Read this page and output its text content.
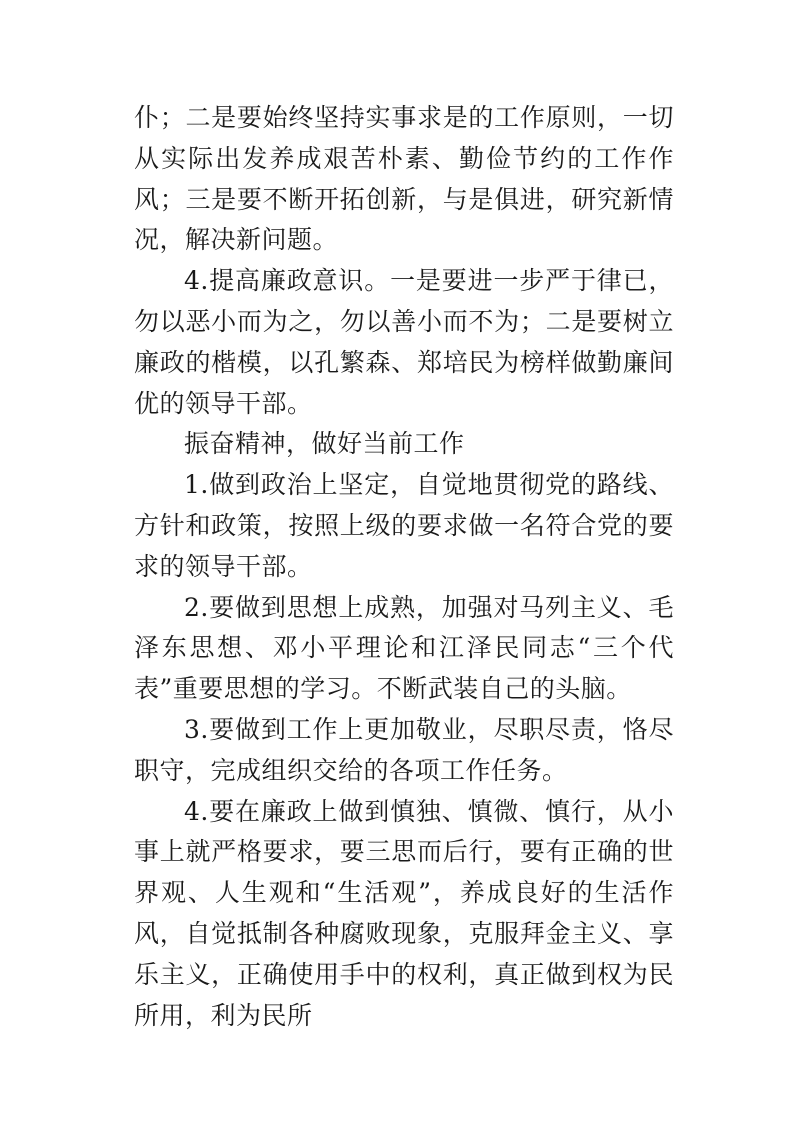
仆；二是要始终坚持实事求是的工作原则，一切从实际出发养成艰苦朴素、勤俭节约的工作作风；三是要不断开拓创新，与是俱进，研究新情况，解决新问题。

4.提高廉政意识。一是要进一步严于律已，勿以恶小而为之，勿以善小而不为；二是要树立廉政的楷模，以孔繁森、郑培民为榜样做勤廉间优的领导干部。

振奋精神，做好当前工作

1.做到政治上坚定，自觉地贯彻党的路线、方针和政策，按照上级的要求做一名符合党的要求的领导干部。

2.要做到思想上成熟，加强对马列主义、毛泽东思想、邓小平理论和江泽民同志“三个代表”重要思想的学习。不断武装自己的头脑。

3.要做到工作上更加敬业，尽职尽责，恪尽职守，完成组织交给的各项工作任务。

4.要在廉政上做到慎独、慎微、慎行，从小事上就严格要求，要三思而后行，要有正确的世界观、人生观和“生活观”，养成良好的生活作风，自觉抵制各种腐败现象，克服拜金主义、享乐主义，正确使用手中的权利，真正做到权为民所用，利为民所
